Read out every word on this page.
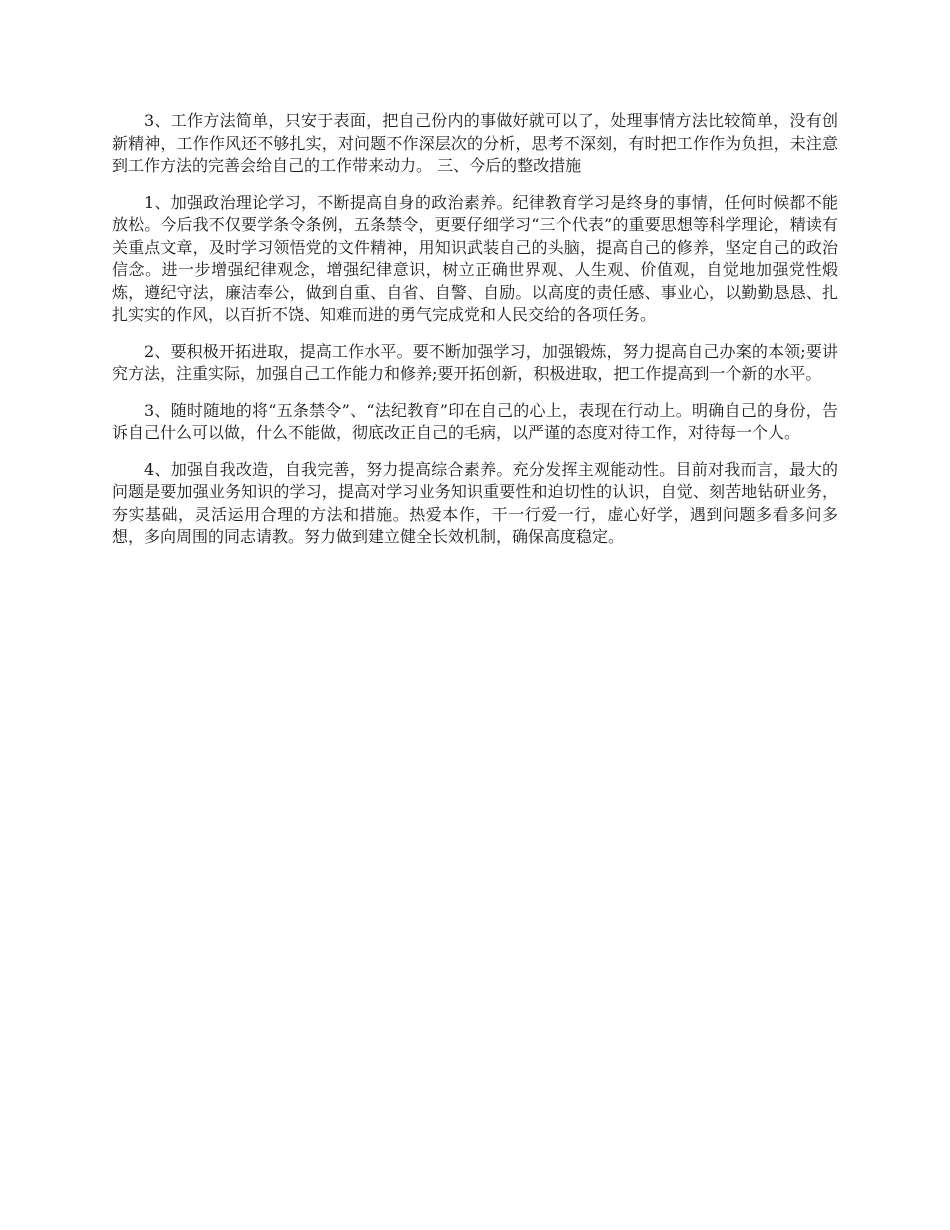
3、工作方法简单，只安于表面，把自己份内的事做好就可以了，处理事情方法比较简单，没有创新精神，工作作风还不够扎实，对问题不作深层次的分析，思考不深刻，有时把工作作为负担，未注意到工作方法的完善会给自己的工作带来动力。 三、今后的整改措施

1、加强政治理论学习，不断提高自身的政治素养。纪律教育学习是终身的事情，任何时候都不能放松。今后我不仅要学条令条例，五条禁令，更要仔细学习“三个代表”的重要思想等科学理论，精读有关重点文章，及时学习领悟党的文件精神，用知识武装自己的头脑，提高自己的修养，坚定自己的政治信念。进一步增强纪律观念，增强纪律意识，树立正确世界观、人生观、价值观，自觉地加强党性煅炼，遵纪守法，廉洁奉公，做到自重、自省、自警、自励。以高度的责任感、事业心，以勤勤恳恳、扎扎实实的作风，以百折不饶、知难而进的勇气完成党和人民交给的各项任务。

2、要积极开拓进取，提高工作水平。要不断加强学习，加强锻炼，努力提高自己办案的本领;要讲究方法，注重实际，加强自己工作能力和修养;要开拓创新，积极进取，把工作提高到一个新的水平。

3、随时随地的将“五条禁令”、“法纪教育”印在自己的心上，表现在行动上。明确自己的身份，告诉自己什么可以做，什么不能做，彻底改正自己的毛病，以严谨的态度对待工作，对待每一个人。

4、加强自我改造，自我完善，努力提高综合素养。充分发挥主观能动性。目前对我而言，最大的问题是要加强业务知识的学习，提高对学习业务知识重要性和迫切性的认识，自觉、刻苦地钻研业务，夯实基础，灵活运用合理的方法和措施。热爱本作，干一行爱一行，虚心好学，遇到问题多看多问多想，多向周围的同志请教。努力做到建立健全长效机制，确保高度稳定。
